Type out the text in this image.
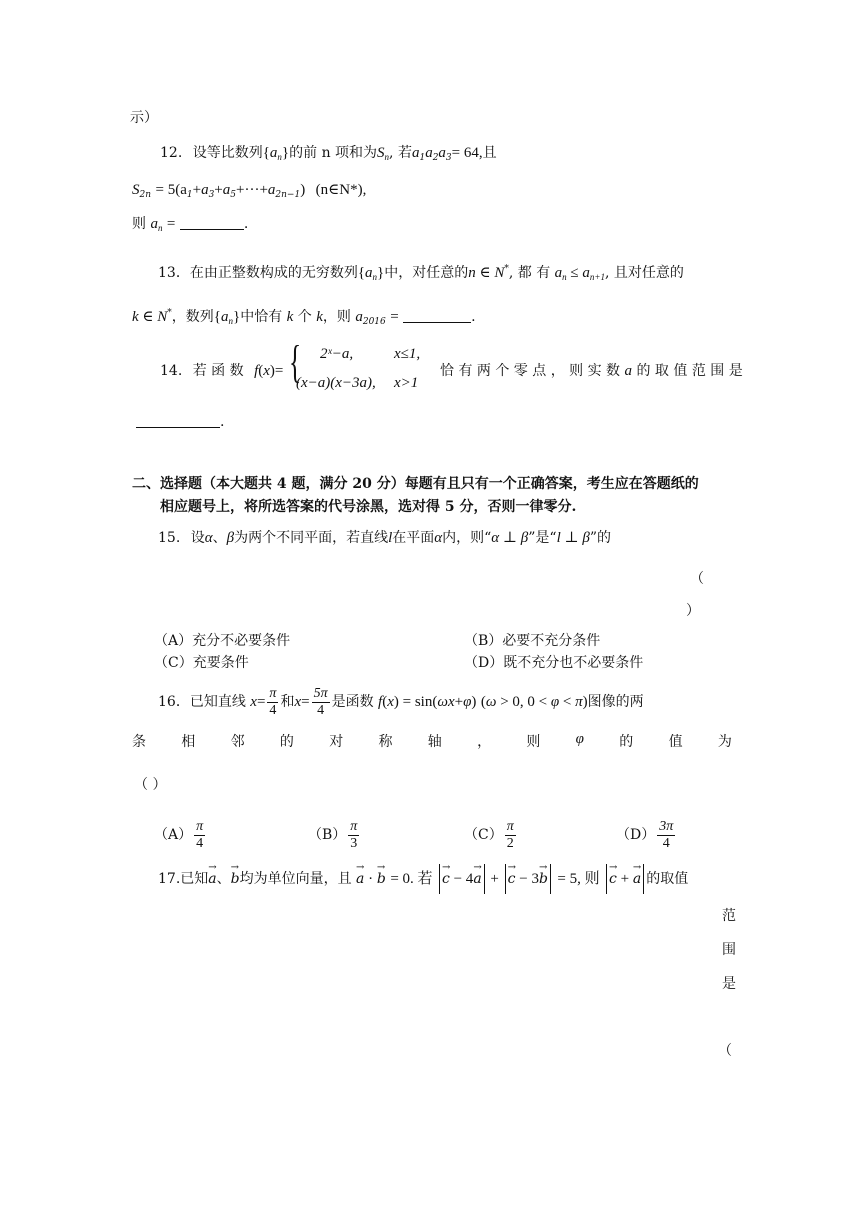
示）
12. 设等比数列$\{a_n\}$的前 n 项和为$S_n$, 若$a_1a_2a_3= 64$,且
$S_{2n} = 5(a_1+a_3+a_5+\cdot\cdot\cdot+a_{2n-1})$ (n∈N*),
则 $a_n$ =	.
13．在由正整数构成的无穷数列$\{a_n\}$中，对任意的n ∈ N*, 都 有 $a_n \le a_{n+1}$, 且对任意的
k ∈ N*，数列$\{a_n\}$中恰有 k 个 k，则 $a_{2016}$ =	.
14. 若 函 数 f(x)= { 2ˣ−a,	x≤1,
(x−a)(x−3a), x>1
恰 有 两 个 零 点 ， 则 实 数 a 的 取 值 范 围 是
.
二、选择题（本大题共 4 题，满分 20 分）每题有且只有一个正确答案，考生应在答题纸的
相应题号上，将所选答案的代号涂黑，选对得 5 分，否则一律零分.
15. 设α、β为两个不同平面，若直线l在平面α内，则“α ⊥ β”是“l ⊥ β”的
（
）
（A）充分不必要条件	（B）必要不充分条件
（C）充要条件	（D）既不充分也不必要条件
16．已知直线 $x= \frac{\pi}{4}$ 和$x= \frac{5\pi}{4}$ 是函数 f(x) = sin(ωx+φ) (ω > 0, 0 < φ < π)图像的两
条	相	邻	的	对	称	轴	，	则 φ	的	值	为
（ ）
$(A) \frac{\pi}{4}$	$(B) \frac{\pi}{3}$	$(C) \frac{\pi}{2}$	$(D) \frac{3\pi}{4}$
17.已知→ a、→ b均为单位向量，且 → a · → b = 0. 若 → c − 4→ a + → c − 3→ b = 5, 则 → c + → a 的取值
范
围
是
（
